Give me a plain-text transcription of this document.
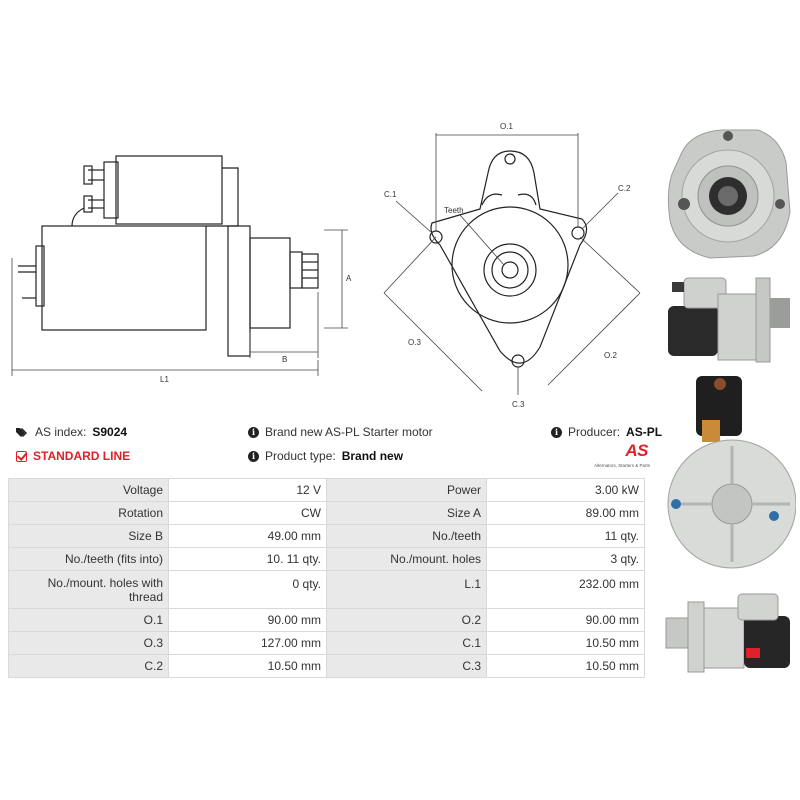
A
B
L1
O.1
O.2
O.3
C.1
C.2
C.3
Teeth
AS index: S9024
STANDARD LINE
i Brand new AS-PL Starter motor
i Product type: Brand new
i Producer: AS-PL
AS
Alternators, Starters & Parts
Voltage	12 V	Power	3.00 kW
Rotation	CW	Size A	89.00 mm
Size B	49.00 mm	No./teeth	11 qty.
No./teeth (fits into)	10. 11 qty.	No./mount. holes	3 qty.
No./mount. holes with thread	0 qty.	L.1	232.00 mm
O.1	90.00 mm	O.2	90.00 mm
O.3	127.00 mm	C.1	10.50 mm
C.2	10.50 mm	C.3	10.50 mm
